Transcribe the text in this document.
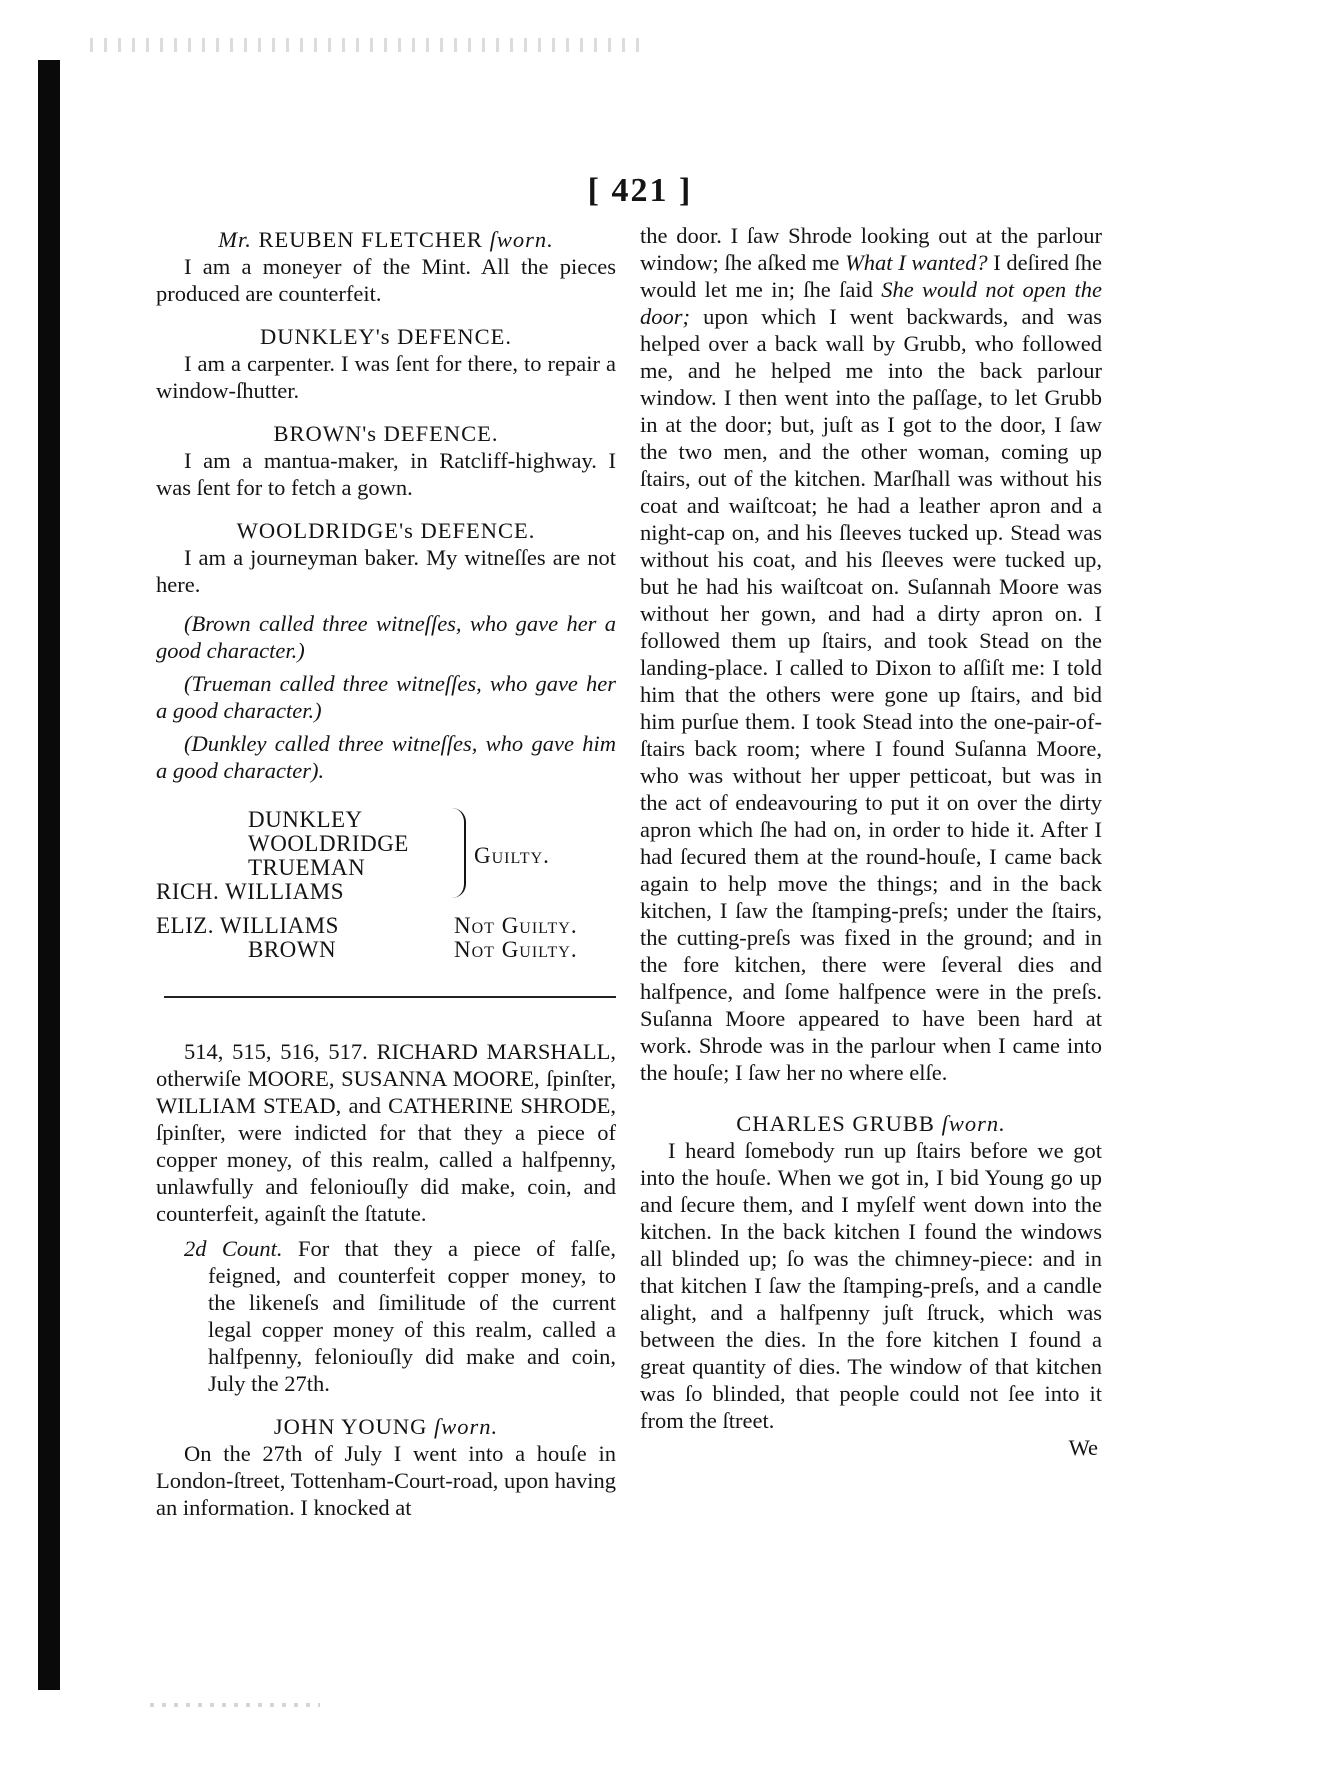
[ 421 ]

Mr. REUBEN FLETCHER ſworn.

I am a moneyer of the Mint. All the pieces produced are counterfeit.

DUNKLEY's DEFENCE.

I am a carpenter. I was ſent for there, to repair a window-ſhutter.

BROWN's DEFENCE.

I am a mantua-maker, in Ratcliff-highway. I was ſent for to fetch a gown.

WOOLDRIDGE's DEFENCE.

I am a journeyman baker. My witneſſes are not here.

(Brown called three witneſſes, who gave her a good character.)

(Trueman called three witneſſes, who gave her a good character.)

(Dunkley called three witneſſes, who gave him a good character).

DUNKLEY
WOOLDRIDGE
TRUEMAN
RICH. WILLIAMS
Guilty.
ELIZ. WILLIAMS
BROWN
Not Guilty.
Not Guilty.

514, 515, 516, 517. RICHARD MARSHALL, otherwiſe MOORE, SUSANNA MOORE, ſpinſter, WILLIAM STEAD, and CATHERINE SHRODE, ſpinſter, were indicted for that they a piece of copper money, of this realm, called a halfpenny, unlawfully and feloniouſly did make, coin, and counterfeit, againſt the ſtatute.

2d Count. For that they a piece of falſe, feigned, and counterfeit copper money, to the likeneſs and ſimilitude of the current legal copper money of this realm, called a halfpenny, feloniouſly did make and coin, July the 27th.

JOHN YOUNG ſworn.

On the 27th of July I went into a houſe in London-ſtreet, Tottenham-Court-road, upon having an information. I knocked at

the door. I ſaw Shrode looking out at the parlour window; ſhe aſked me What I wanted? I deſired ſhe would let me in; ſhe ſaid She would not open the door; upon which I went backwards, and was helped over a back wall by Grubb, who followed me, and he helped me into the back parlour window. I then went into the paſſage, to let Grubb in at the door; but, juſt as I got to the door, I ſaw the two men, and the other woman, coming up ſtairs, out of the kitchen. Marſhall was without his coat and waiſtcoat; he had a leather apron and a night-cap on, and his ſleeves tucked up. Stead was without his coat, and his ſleeves were tucked up, but he had his waiſtcoat on. Suſannah Moore was without her gown, and had a dirty apron on. I followed them up ſtairs, and took Stead on the landing-place. I called to Dixon to aſſiſt me: I told him that the others were gone up ſtairs, and bid him purſue them. I took Stead into the one-pair-of-ſtairs back room; where I found Suſanna Moore, who was without her upper petticoat, but was in the act of endeavouring to put it on over the dirty apron which ſhe had on, in order to hide it. After I had ſecured them at the round-houſe, I came back again to help move the things; and in the back kitchen, I ſaw the ſtamping-preſs; under the ſtairs, the cutting-preſs was fixed in the ground; and in the fore kitchen, there were ſeveral dies and halfpence, and ſome halfpence were in the preſs. Suſanna Moore appeared to have been hard at work. Shrode was in the parlour when I came into the houſe; I ſaw her no where elſe.

CHARLES GRUBB ſworn.

I heard ſomebody run up ſtairs before we got into the houſe. When we got in, I bid Young go up and ſecure them, and I myſelf went down into the kitchen. In the back kitchen I found the windows all blinded up; ſo was the chimney-piece: and in that kitchen I ſaw the ſtamping-preſs, and a candle alight, and a halfpenny juſt ſtruck, which was between the dies. In the fore kitchen I found a great quantity of dies. The window of that kitchen was ſo blinded, that people could not ſee into it from the ſtreet.

We
